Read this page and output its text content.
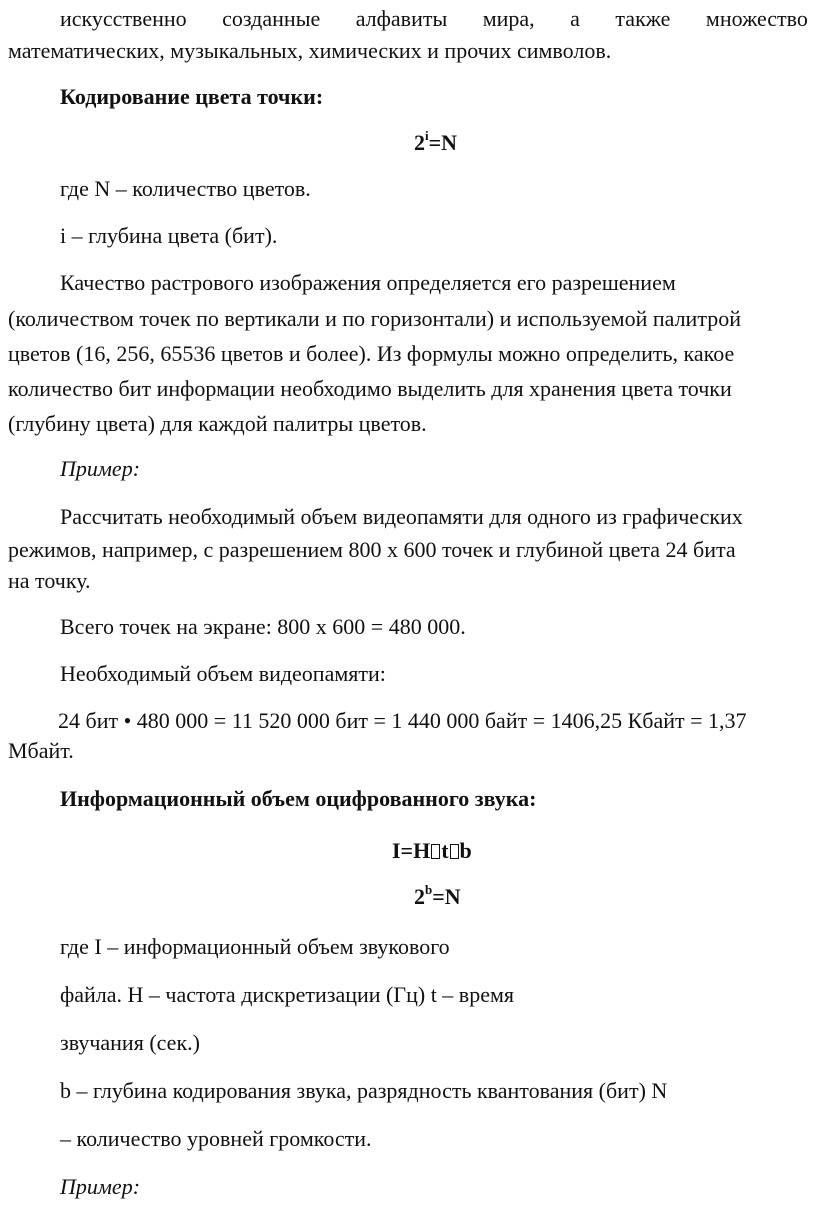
искусственно созданные алфавиты мира, а также множество
математических, музыкальных, химических и прочих символов.
Кодирование цвета точки:
$2^i=N$
где N – количество цветов.
i – глубина цвета (бит).
Качество растрового изображения определяется его разрешением
(количеством точек по вертикали и по горизонтали) и используемой палитрой
цветов (16, 256, 65536 цветов и более). Из формулы можно определить, какое
количество бит информации необходимо выделить для хранения цвета точки
(глубину цвета) для каждой палитры цветов.
Пример:
Рассчитать необходимый объем видеопамяти для одного из графических
режимов, например, с разрешением 800 х 600 точек и глубиной цвета 24 бита
на точку.
Всего точек на экране: 800 х 600 = 480 000.
Необходимый объем видеопамяти:
24 бит • 480 000 = 11 520 000 бит = 1 440 000 байт = 1406,25 Кбайт = 1,37
Мбайт.
Информационный объем оцифрованного звука:
I=H t b
$2^b=N$
где I – информационный объем звукового
файла. H – частота дискретизации (Гц) t – время
звучания (сек.)
b – глубина кодирования звука, разрядность квантования (бит) N
– количество уровней громкости.
Пример:
